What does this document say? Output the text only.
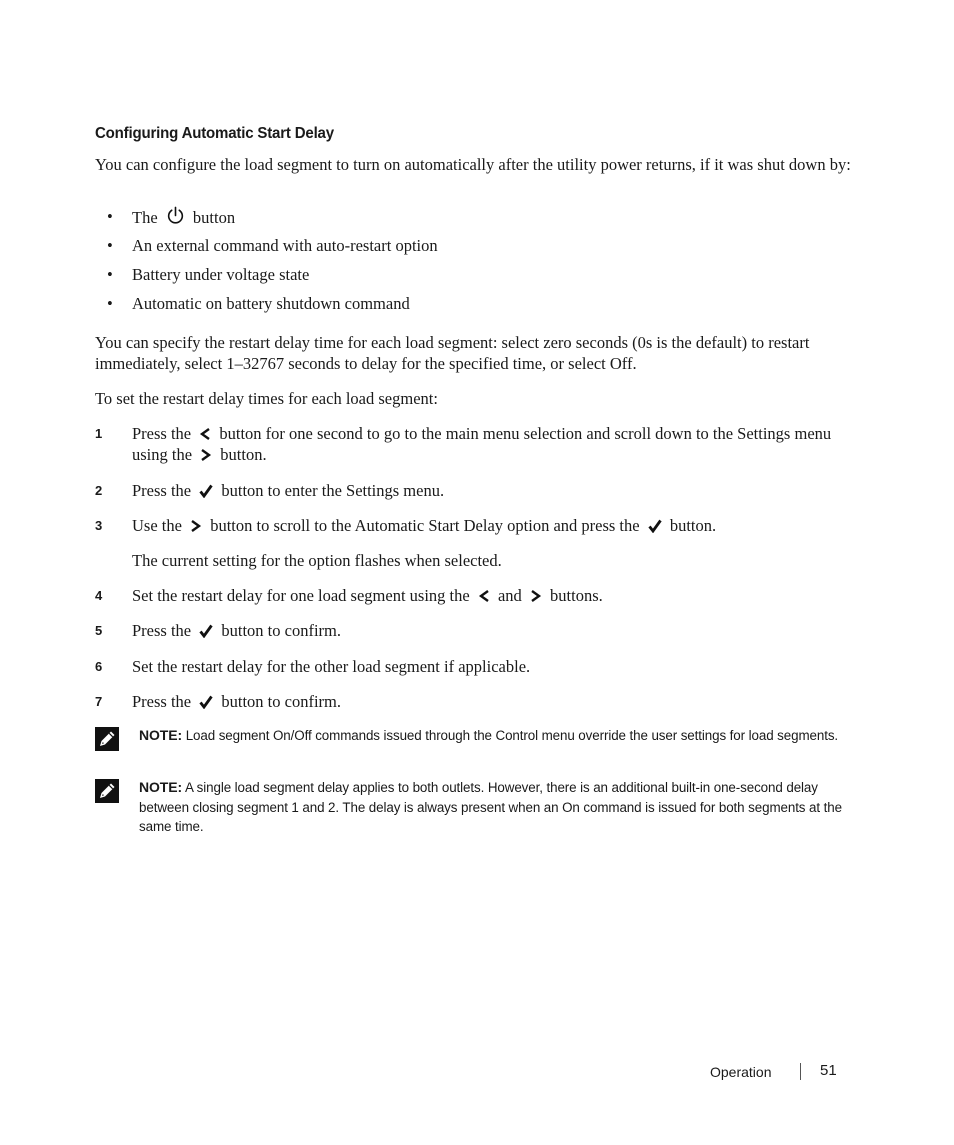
Configuring Automatic Start Delay

You can configure the load segment to turn on automatically after the utility power returns, if it was shut down by:

• The button
• An external command with auto-restart option
• Battery under voltage state
• Automatic on battery shutdown command

You can specify the restart delay time for each load segment: select zero seconds (0s is the default) to restart immediately, select 1–32767 seconds to delay for the specified time, or select Off.

To set the restart delay times for each load segment:

1 Press the button for one second to go to the main menu selection and scroll down to the Settings menu using the button.
2 Press the button to enter the Settings menu.
3 Use the button to scroll to the Automatic Start Delay option and press the button.
The current setting for the option flashes when selected.
4 Set the restart delay for one load segment using the and buttons.
5 Press the button to confirm.
6 Set the restart delay for the other load segment if applicable.
7 Press the button to confirm.

NOTE: Load segment On/Off commands issued through the Control menu override the user settings for load segments.

NOTE: A single load segment delay applies to both outlets. However, there is an additional built-in one-second delay between closing segment 1 and 2. The delay is always present when an On command is issued for both segments at the same time.

Operation	51
